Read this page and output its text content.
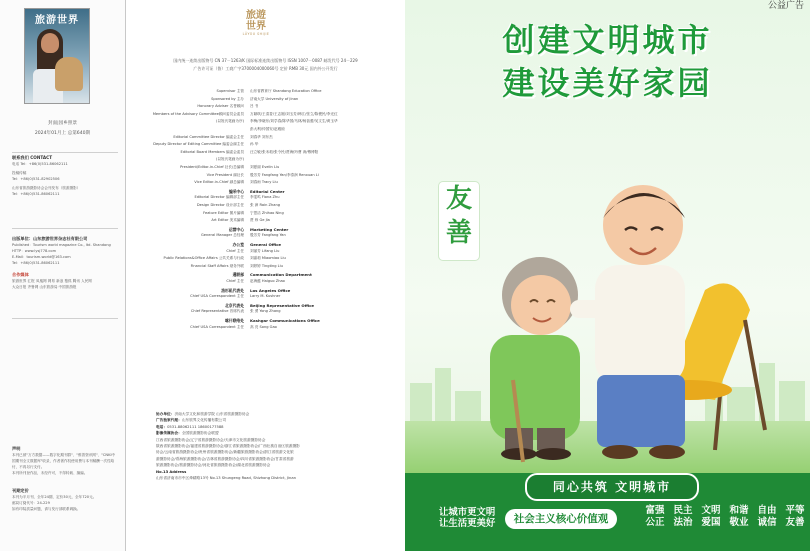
旅游世界
封面|园乡照景
2024年01月上 总第640期
联系我们 CONTACT
电话 Tel：+86(0)531-86062111
投稿传稿
Tel：+86(0)531-82902506
山东省旅游摄影协会会刊发布（旅游摄影）
Tel：+86(0)531-86062111
出版单位：山东旅游世界杂志社有限公司
Published：Tourism world magazine Co., ltd. Shandong
HTTP：www.lysj778.com
E-Mail：tourism-world@163.com
Tel：+86(0)531-86062111
合作媒体
旅游世界 汇报 凤凰网 网易 新浪 搜狐 腾讯 人民网
大众日报 齐鲁网 山东旅游局 中国旅游报
声明
本刊已被"万方数据——数字化期刊群"、"维普资讯网"、"CNKI中国期刊全文数据库"收录，作者著作权使用费与本刊稿酬一次性给付，不再另行支付。
本刊所刊登作品，未经许可，不得转载、摘编。
刊期定价
本刊为半月刊，全年24期，定价30元，全年720元。
邮局订阅代号：24-229
如有印装质量问题，请与发行部联系调换。
旅遊
世界
LÜYOU SHIJIE
国内统一连续出版物号 CN 37－1263/K 国际标准连续出版物号 ISSN 1007－0087 邮发代号 24－229
广告许可证（鲁）工商广字3700004000060号 定价 RMB 30元 国内外公开发行
Supervisor 主管 山东省教育厅 Shandong Education Office
Sponsored by 主办 济南大学 University of Jinan
Honorary Adviser 名誉顾问 吕 书
Members of the Advisory Committee顾问委员会委员 万颖琪/王清香/王志刚/刘玉芳/韩江/张立/陈俊民/李光红
(以姓氏笔画为序) 李梅/李晓东/刘学春/陈华国/马林/杨蓓蕾/吴文生/黄玉华
彭大利/仲国安/赵雅琼
Editorial Committee Director 编委会主任 刘春华 刘东杰
Deputy Director of Editing Committee 编委会副主任 孙 华
Editorial Board Members 编委会委员 汪立敏/张禾莉/张令民/贾海伊/曹 涛/傅博阳
(以姓氏笔画为序)
President/Editor-in-Chief 社长/总编辑 刘夏丽 Evelin Liu
Vice President 副社长 殷芳芳 Fangfang Yan/李泰润 Renxuan Li
Vice Editor-in-Chief 副总编辑 刘春雨 Tracy Liu
编采中心 Editorial Center
Editorial Director 编辑部主任 李雯鸣 Fiona Zhu
Design Director 设计部主任 张 润 Rain Zhang
Feature Editor 图片编辑 宁思洁 Zhihao Ning
Art Editor 美术编辑 贾 炜 Ge Jia
运营中心 Marketing Center
General Manager 总经理 殷芳芳 Fangfang Yan
办公室 General Office
Chief 主任 刘丽芳 Lifang Liu
Public Relations&Office Affairs 公共关系与行政 刘嘉莉 Miaomiao Liu
Financial Staff Affairs 财务外联 刘婷婷 Tingting Liu
通联部 Communication Department
Chief 主任 赵海蕴 Haiguo Zhao
洛杉矶代表处 Los Angeles Office
Chief USA Correspondent 主任 Larry M. Kushner
北京代表处 Beijing Representative Office
Chief Representative 首席代表 张 勇 Yong Zhang
喀什联络处 Kashgar Communications Office
Chief USA Correspondent 主任 高 亮 Song Gao
协办单位：济南大学文化和旅游学院 山东省旅游摄影协会
广告独家代理：山东旅界文化传播有限公司
电话：0531-88062111 18600177588
影像传媒协会：全国旅游摄影协会联盟
江西省旅游摄影协会/辽宁省旅游摄影协会/天津市文化旅游摄影协会
陕西省旅游摄影协会/福建省旅游摄影协会/浙江省旅游摄影协会/广西壮族自治区旅游摄影
协会/云南省旅游摄影协会/贵州省旅游摄影协会/新疆旅游摄影协会/浙江省旅游文化旅
游摄影协会/青海旅游摄影协会/吉林省旅游摄影协会/四川省旅游摄影协会/甘肃省旅游
旅游摄影协会/旅游摄影协会/河北省旅游摄影协会/湖北省旅游摄影协会
No.13 Address
山东省济南市市中区舜耕路13号 No.13 Shungeng Road, Shizhong District, Jinan
公益广告
创建文明城市
建设美好家园
友
善
同心共筑 文明城市
让城市更文明
让生活更美好	社会主义核心价值观
富强 民主 文明 和谐 自由 平等
公正 法治 爱国 敬业 诚信 友善
